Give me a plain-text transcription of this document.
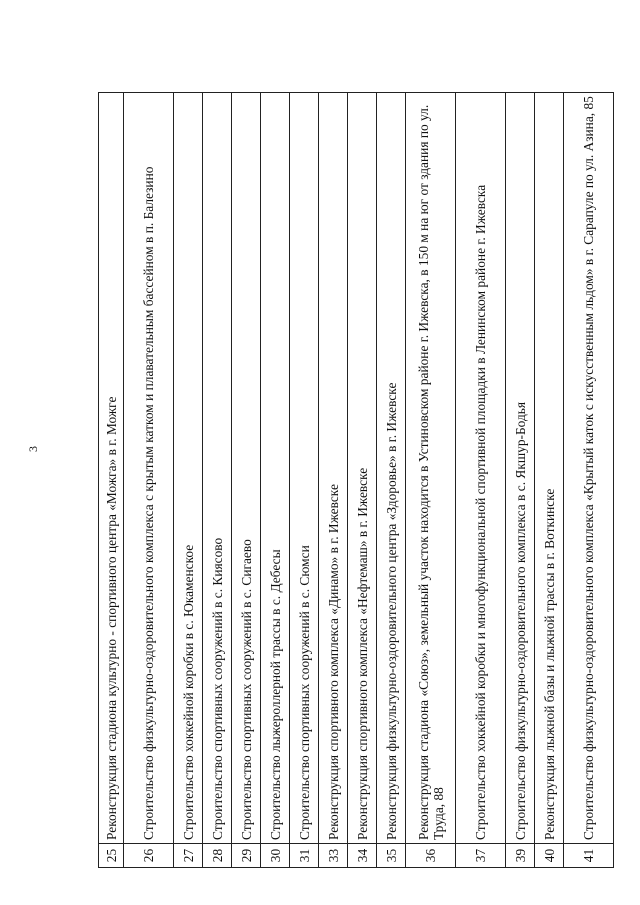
3
25	Реконструкция стадиона культурно - спортивного центра «Можга» в г. Можге
26	Строительство физкультурно-оздоровительного комплекса с крытым катком и плавательным бассейном в п. Балезино
27	Строительство хоккейной коробки в с. Юкаменское
28	Строительство спортивных сооружений в с. Киясово
29	Строительство спортивных сооружений в с. Сигаево
30	Строительство лыжероллерной трассы в с. Дебесы
31	Строительство спортивных сооружений в с. Сюмси
33	Реконструкция спортивного комплекса «Динамо» в г. Ижевске
34	Реконструкция спортивного комплекса «Нефтемаш» в г. Ижевске
35	Реконструкция физкультурно-оздоровительного центра «Здоровье» в г. Ижевске
36	Реконструкция стадиона «Союз», земельный участок находится в Устиновском районе г. Ижевска, в 150 м на юг от здания по ул. Труда, 88
37	Строительство хоккейной коробки и многофункциональной спортивной площадки в Ленинском районе г. Ижевска
39	Строительство физкультурно-оздоровительного комплекса в с. Якшур-Бодья
40	Реконструкция лыжной базы и лыжной трассы в г. Воткинске
41	Строительство физкультурно-оздоровительного комплекса «Крытый каток с искусственным льдом» в г. Сарапуле по ул. Азина, 85
